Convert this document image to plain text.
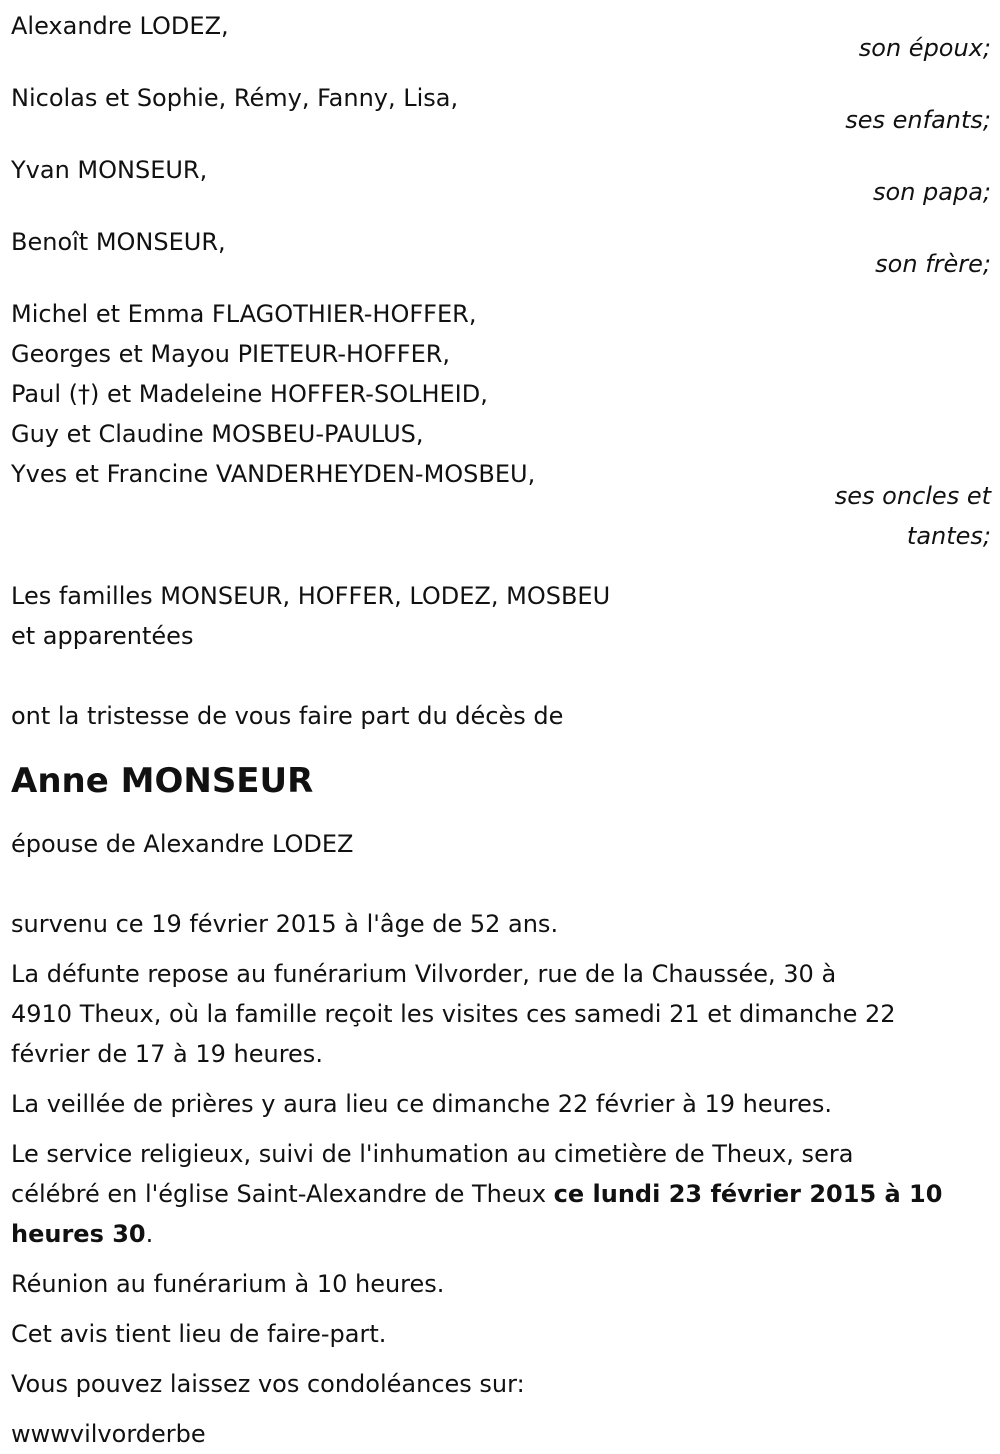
Alexandre LODEZ,
son époux;
Nicolas et Sophie, Rémy, Fanny, Lisa,
ses enfants;
Yvan MONSEUR,
son papa;
Benoît MONSEUR,
son frère;
Michel et Emma FLAGOTHIER-HOFFER,
Georges et Mayou PIETEUR-HOFFER,
Paul (†) et Madeleine HOFFER-SOLHEID,
Guy et Claudine MOSBEU-PAULUS,
Yves et Francine VANDERHEYDEN-MOSBEU,
ses oncles et
tantes;
Les familles MONSEUR, HOFFER, LODEZ, MOSBEU
et apparentées
ont la tristesse de vous faire part du décès de
Anne MONSEUR
épouse de Alexandre LODEZ
survenu ce 19 février 2015 à l'âge de 52 ans.
La défunte repose au funérarium Vilvorder, rue de la Chaussée, 30 à
4910 Theux, où la famille reçoit les visites ces samedi 21 et dimanche 22
février de 17 à 19 heures.
La veillée de prières y aura lieu ce dimanche 22 février à 19 heures.
Le service religieux, suivi de l'inhumation au cimetière de Theux, sera
célébré en l'église Saint-Alexandre de Theux ce lundi 23 février 2015 à 10
heures 30.
Réunion au funérarium à 10 heures.
Cet avis tient lieu de faire-part.
Vous pouvez laissez vos condoléances sur:
wwwvilvorderbe
